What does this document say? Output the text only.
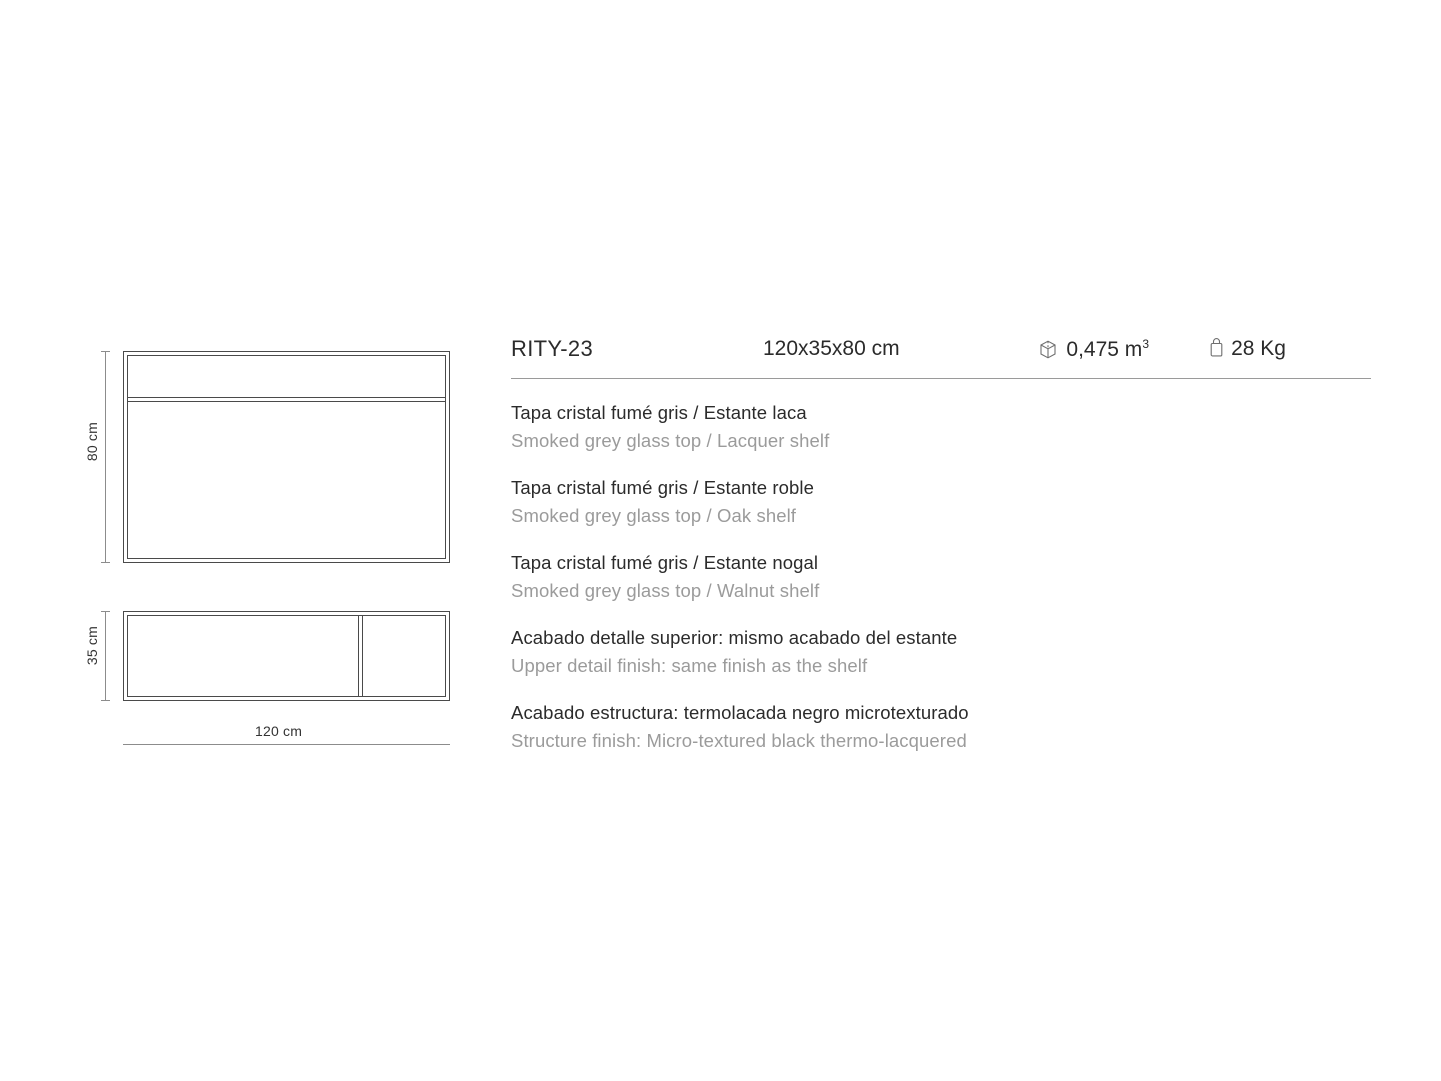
80 cm
35 cm
120 cm
RITY-23	120x35x80 cm	0,475 $m^3$	28 Kg
Tapa cristal fumé gris / Estante laca
Smoked grey glass top / Lacquer shelf
Tapa cristal fumé gris / Estante roble
Smoked grey glass top / Oak shelf
Tapa cristal fumé gris / Estante nogal
Smoked grey glass top / Walnut shelf
Acabado detalle superior: mismo acabado del estante
Upper detail finish: same finish as the shelf
Acabado estructura: termolacada negro microtexturado
Structure finish: Micro-textured black thermo-lacquered
